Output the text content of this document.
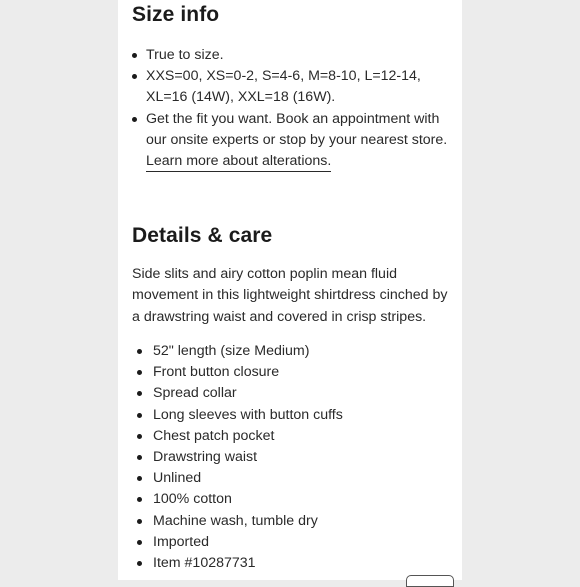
Size info
True to size.
XXS=00, XS=0-2, S=4-6, M=8-10, L=12-14, XL=16 (14W), XXL=18 (16W).
Get the fit you want. Book an appointment with our onsite experts or stop by your nearest store.
Learn more about alterations.
Details & care

Side slits and airy cotton poplin mean fluid movement in this lightweight shirtdress cinched by a drawstring waist and covered in crisp stripes.

52" length (size Medium)
Front button closure
Spread collar
Long sleeves with button cuffs
Chest patch pocket
Drawstring waist
Unlined
100% cotton
Machine wash, tumble dry
Imported
Item #10287731
